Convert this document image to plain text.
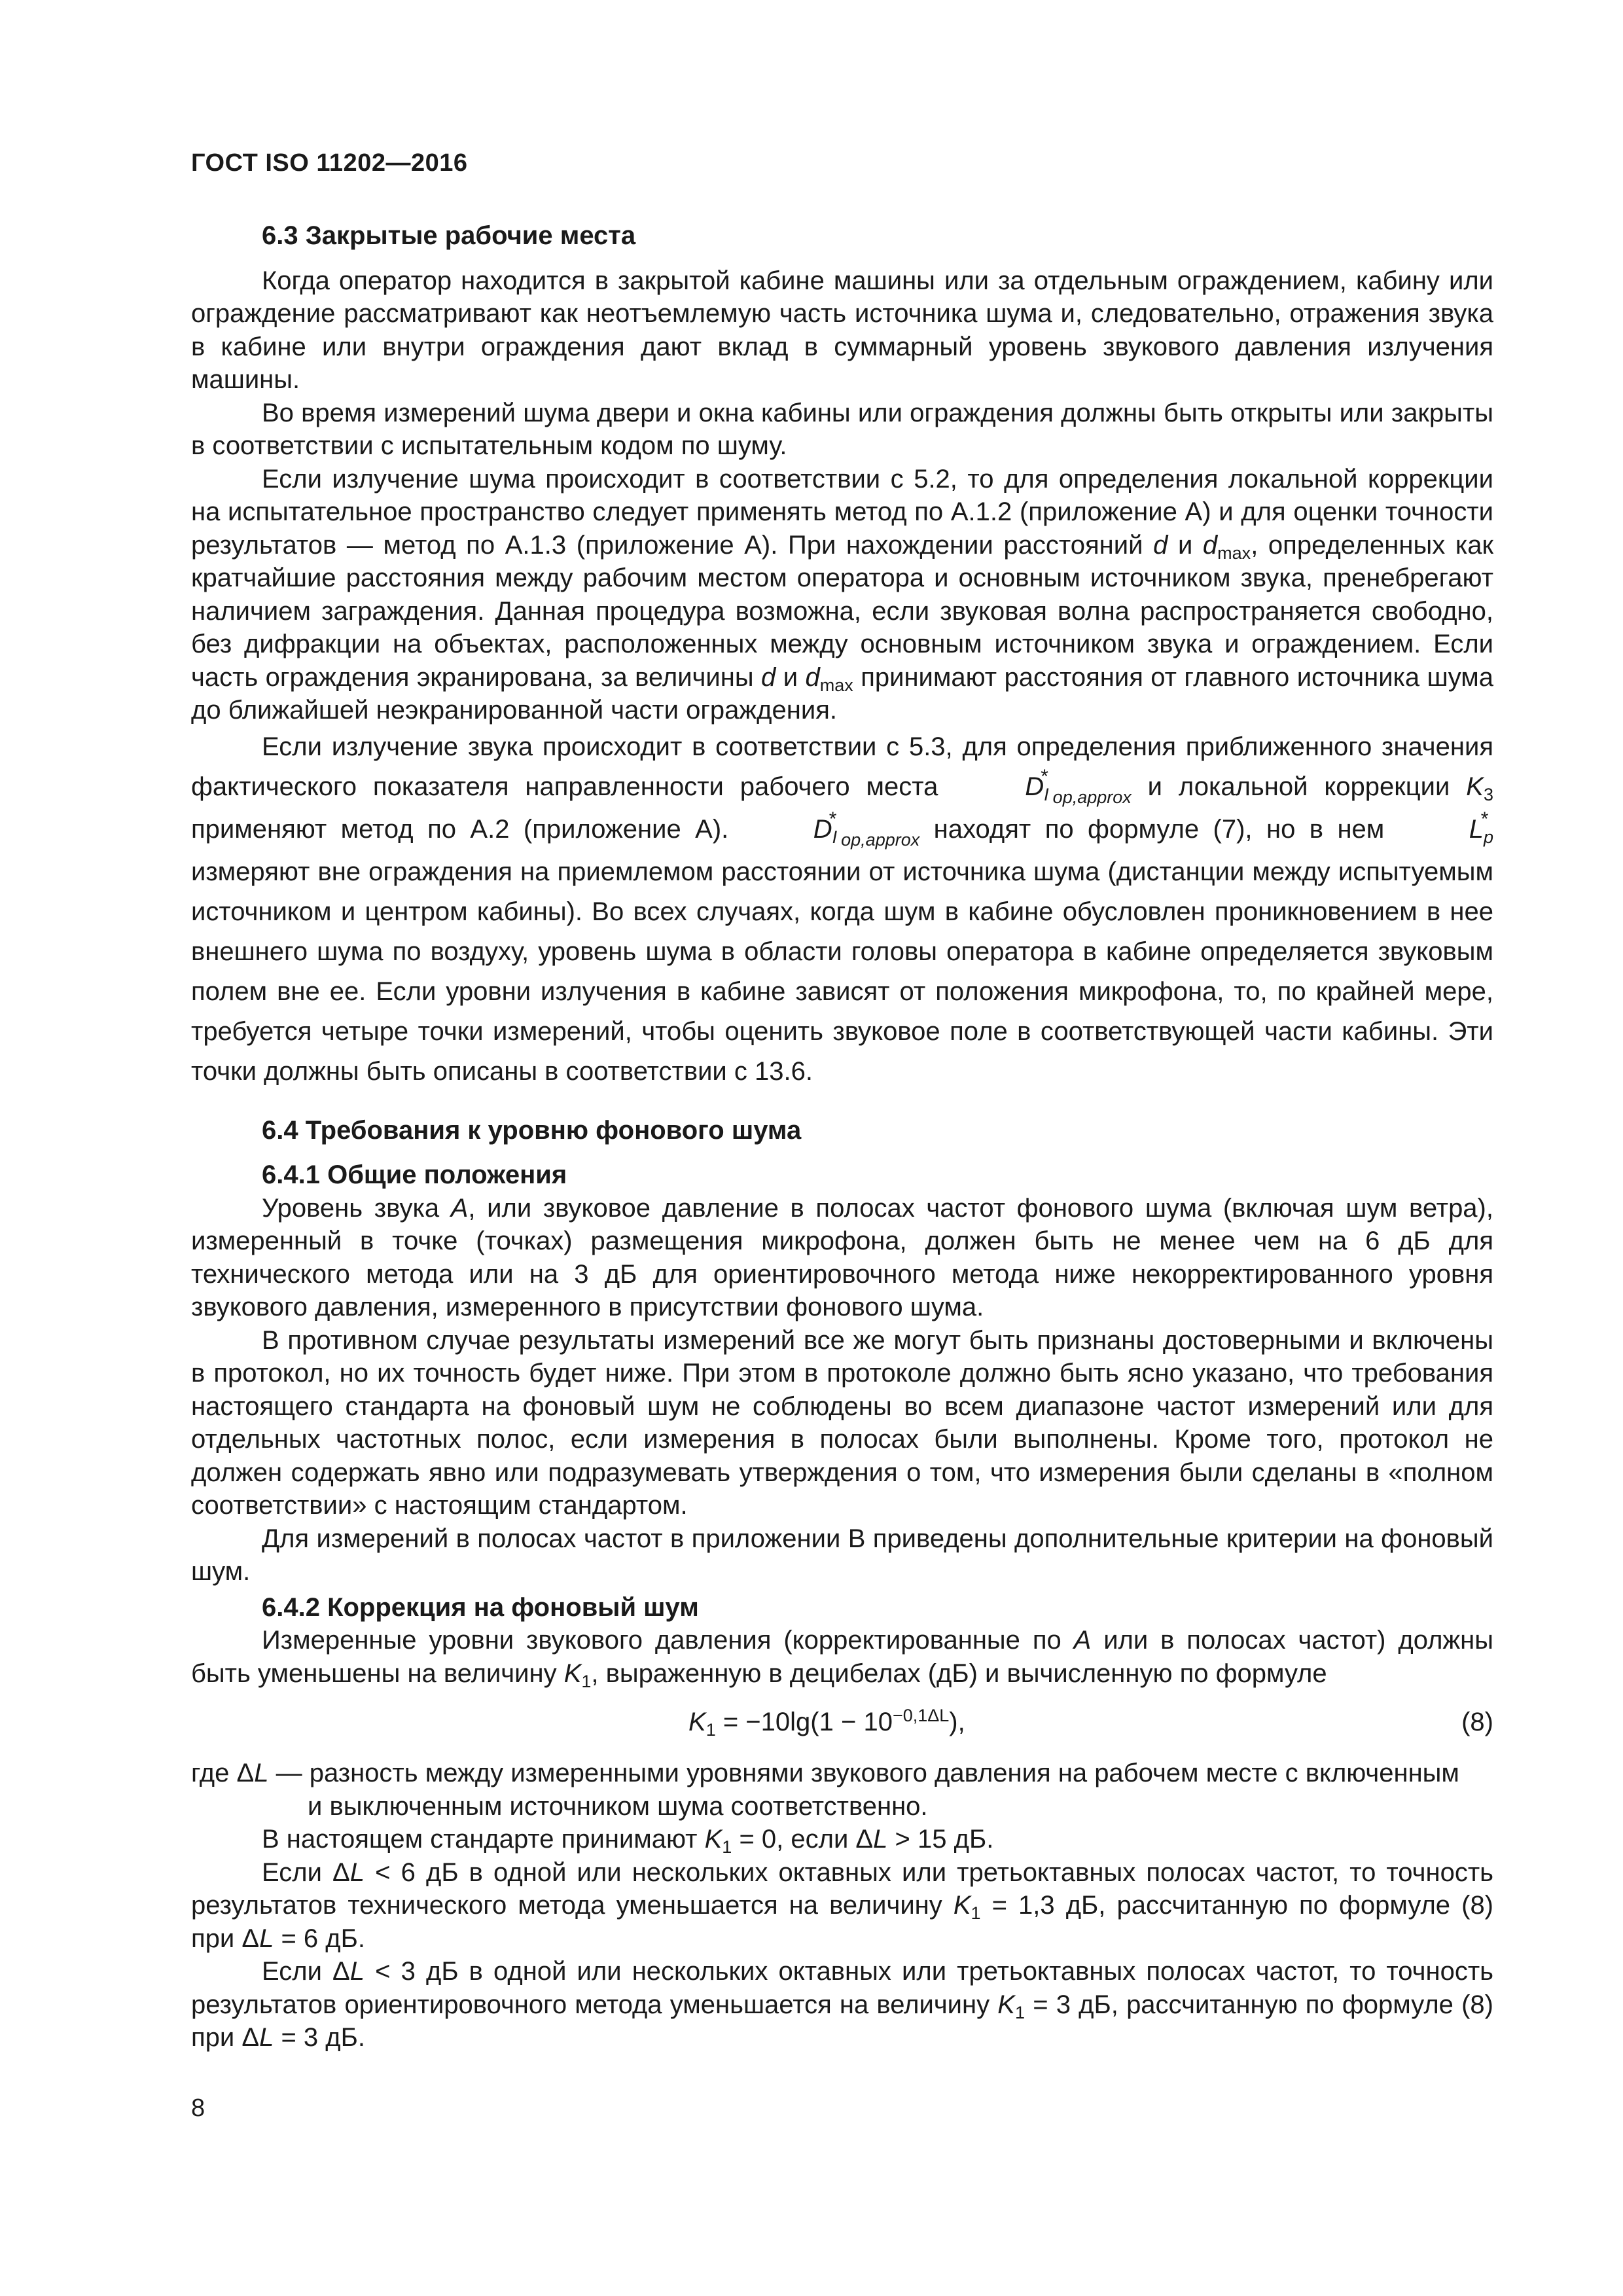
ГОСТ ISO 11202—2016
6.3 Закрытые рабочие места

Когда оператор находится в закрытой кабине машины или за отдельным ограждением, кабину или ограждение рассматривают как неотъемлемую часть источника шума и, следовательно, отражения звука в кабине или внутри ограждения дают вклад в суммарный уровень звукового давления излучения машины.

Во время измерений шума двери и окна кабины или ограждения должны быть открыты или закрыты в соответствии с испытательным кодом по шуму.

Если излучение шума происходит в соответствии с 5.2, то для определения локальной коррекции на испытательное пространство следует применять метод по А.1.2 (приложение А) и для оценки точности результатов — метод по А.1.3 (приложение А). При нахождении расстояний d и $d_{max}$, определенных как кратчайшие расстояния между рабочим местом оператора и основным источником звука, пренебрегают наличием заграждения. Данная процедура возможна, если звуковая волна распространяется свободно, без дифракции на объектах, расположенных между основным источником звука и ограждением. Если часть ограждения экранирована, за величины d и $d_{max}$ принимают расстояния от главного источника шума до ближайшей неэкранированной части ограждения.

Если излучение звука происходит в соответствии с 5.3, для определения приближенного значения фактического показателя направленности рабочего места	$D_I$
*
$_{op,approx}$ и локальной коррекции $K_3$ применяют метод по А.2 (приложение А).	$D_I$
*
$_{op,approx}$ находят по формуле (7), но в нем	$L_p$
*
измеряют вне ограждения на приемлемом расстоянии от источника шума (дистанции между испытуемым источником и центром кабины). Во всех случаях, когда шум в кабине обусловлен проникновением в нее внешнего шума по воздуху, уровень шума в области головы оператора в кабине определяется звуковым полем вне ее. Если уровни излучения в кабине зависят от положения микрофона, то, по крайней мере, требуется четыре точки измерений, чтобы оценить звуковое поле в соответствующей части кабины. Эти точки должны быть описаны в соответствии с 13.6.

6.4 Требования к уровню фонового шума
6.4.1 Общие положения

Уровень звука A, или звуковое давление в полосах частот фонового шума (включая шум ветра), измеренный в точке (точках) размещения микрофона, должен быть не менее чем на 6 дБ для технического метода или на 3 дБ для ориентировочного метода ниже некорректированного уровня звукового давления, измеренного в присутствии фонового шума.

В противном случае результаты измерений все же могут быть признаны достоверными и включены в протокол, но их точность будет ниже. При этом в протоколе должно быть ясно указано, что требования настоящего стандарта на фоновый шум не соблюдены во всем диапазоне частот измерений или для отдельных частотных полос, если измерения в полосах были выполнены. Кроме того, протокол не должен содержать явно или подразумевать утверждения о том, что измерения были сделаны в «полном соответствии» с настоящим стандартом.

Для измерений в полосах частот в приложении В приведены дополнительные критерии на фоновый шум.

6.4.2 Коррекция на фоновый шум

Измеренные уровни звукового давления (корректированные по A или в полосах частот) должны быть уменьшены на величину $K_1$, выраженную в децибелах (дБ) и вычисленную по формуле

$K_1 = -10\lg(1 - 10^{-0,1\Delta L})$,	(8)

где ΔL — разность между измеренными уровнями звукового давления на рабочем месте с включенным

и выключенным источником шума соответственно.

В настоящем стандарте принимают $K_1 = 0$, если ΔL > 15 дБ.

Если ΔL < 6 дБ в одной или нескольких октавных или третьоктавных полосах частот, то точность результатов технического метода уменьшается на величину $K_1 = 1,3$ дБ, рассчитанную по формуле (8) при ΔL = 6 дБ.

Если ΔL < 3 дБ в одной или нескольких октавных или третьоктавных полосах частот, то точность результатов ориентировочного метода уменьшается на величину $K_1 = 3$ дБ, рассчитанную по формуле (8) при ΔL = 3 дБ.

8
